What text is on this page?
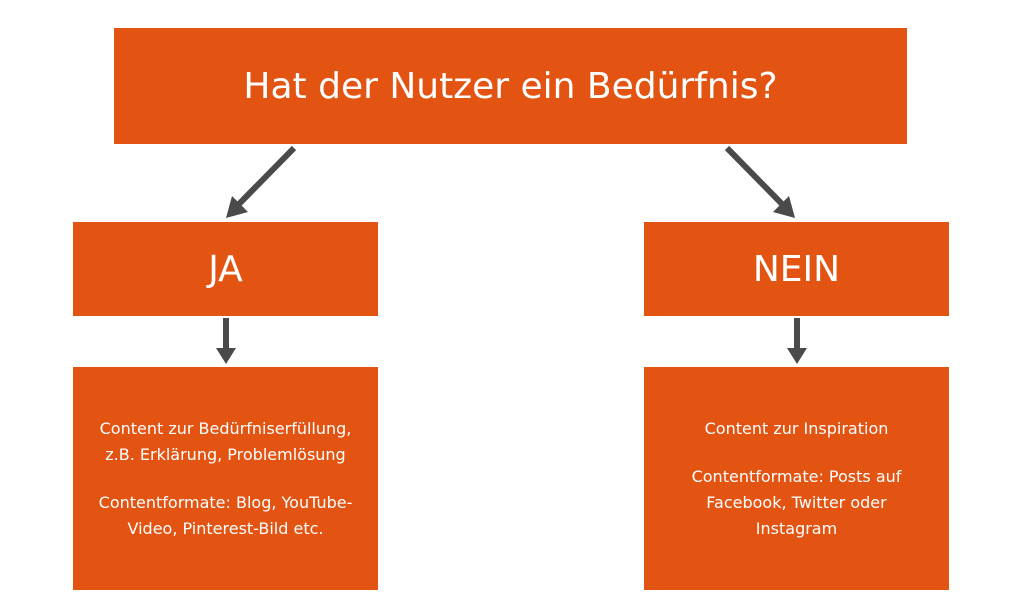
Hat der Nutzer ein Bedürfnis?
JA	NEIN

Content zur Bedürfniserfüllung,
z.B. Erklärung, Problemlösung

Contentformate: Blog, YouTube-
Video, Pinterest-Bild etc.

Content zur Inspiration

Contentformate: Posts auf
Facebook, Twitter oder
Instagram
